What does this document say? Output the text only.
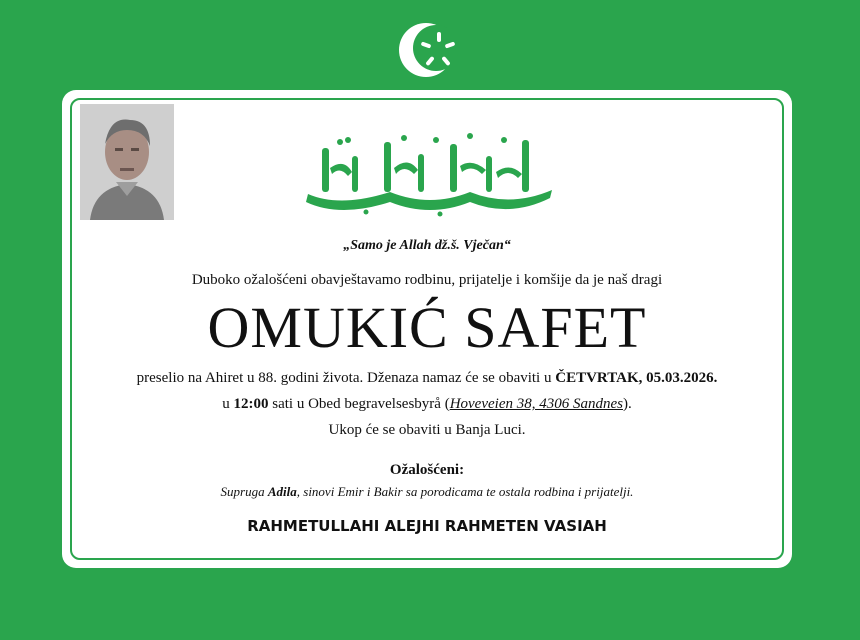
„Samo je Allah dž.š. Vječan“
Duboko ožalošćeni obavještavamo rodbinu, prijatelje i komšije da je naš dragi
OMUKIĆ SAFET
preselio na Ahiret u 88. godini života. Dženaza namaz će se obaviti u ČETVRTAK, 05.03.2026.
u 12:00 sati u Obed begravelsesbyrå (Hoveveien 38, 4306 Sandnes).
Ukop će se obaviti u Banja Luci.
Ožalošćeni:
Supruga Adila, sinovi Emir i Bakir sa porodicama te ostala rodbina i prijatelji.
RAHMETULLAHI ALEJHI RAHMETEN VASIAH
